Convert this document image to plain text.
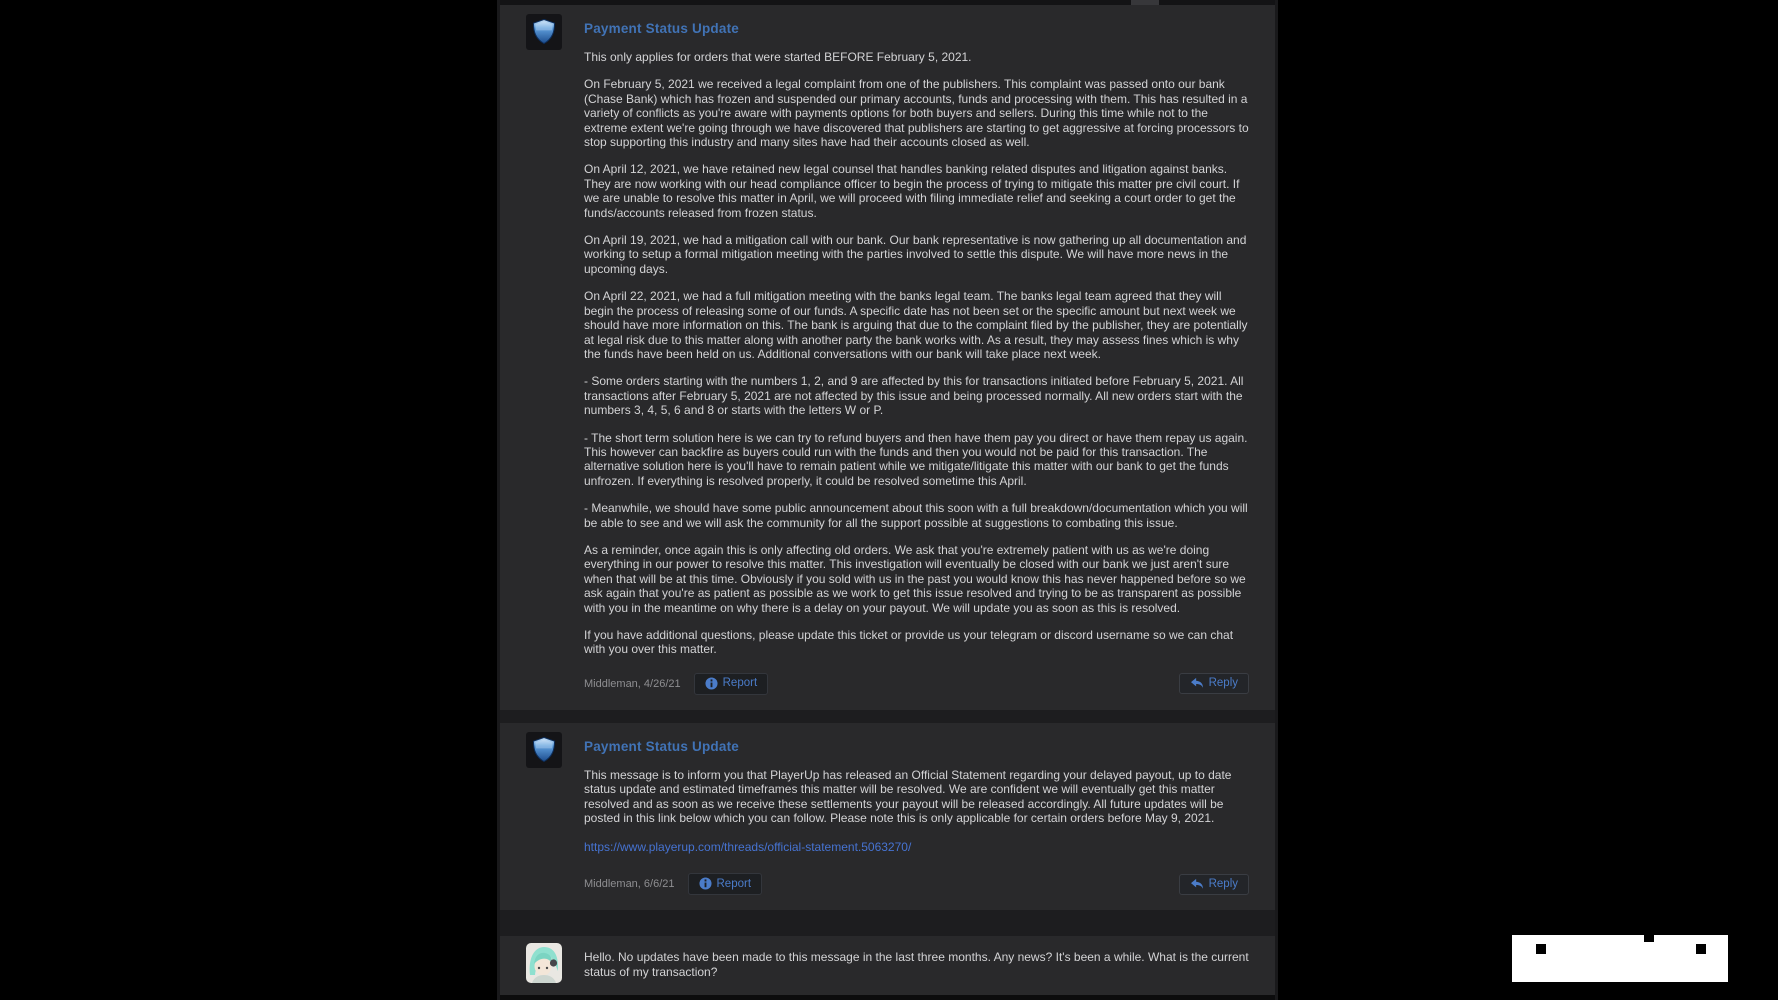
Payment Status Update

This only applies for orders that were started BEFORE February 5, 2021.

On February 5, 2021 we received a legal complaint from one of the publishers. This complaint was passed onto our bank (Chase Bank) which has frozen and suspended our primary accounts, funds and processing with them. This has resulted in a variety of conflicts as you're aware with payments options for both buyers and sellers. During this time while not to the extreme extent we're going through we have discovered that publishers are starting to get aggressive at forcing processors to stop supporting this industry and many sites have had their accounts closed as well.

On April 12, 2021, we have retained new legal counsel that handles banking related disputes and litigation against banks. They are now working with our head compliance officer to begin the process of trying to mitigate this matter pre civil court. If we are unable to resolve this matter in April, we will proceed with filing immediate relief and seeking a court order to get the funds/accounts released from frozen status.

On April 19, 2021, we had a mitigation call with our bank. Our bank representative is now gathering up all documentation and working to setup a formal mitigation meeting with the parties involved to settle this dispute. We will have more news in the upcoming days.

On April 22, 2021, we had a full mitigation meeting with the banks legal team. The banks legal team agreed that they will begin the process of releasing some of our funds. A specific date has not been set or the specific amount but next week we should have more information on this. The bank is arguing that due to the complaint filed by the publisher, they are potentially at legal risk due to this matter along with another party the bank works with. As a result, they may assess fines which is why the funds have been held on us. Additional conversations with our bank will take place next week.

- Some orders starting with the numbers 1, 2, and 9 are affected by this for transactions initiated before February 5, 2021. All transactions after February 5, 2021 are not affected by this issue and being processed normally. All new orders start with the numbers 3, 4, 5, 6 and 8 or starts with the letters W or P.

- The short term solution here is we can try to refund buyers and then have them pay you direct or have them repay us again. This however can backfire as buyers could run with the funds and then you would not be paid for this transaction. The alternative solution here is you'll have to remain patient while we mitigate/litigate this matter with our bank to get the funds unfrozen. If everything is resolved properly, it could be resolved sometime this April.

- Meanwhile, we should have some public announcement about this soon with a full breakdown/documentation which you will be able to see and we will ask the community for all the support possible at suggestions to combating this issue.

As a reminder, once again this is only affecting old orders. We ask that you're extremely patient with us as we're doing everything in our power to resolve this matter. This investigation will eventually be closed with our bank we just aren't sure when that will be at this time. Obviously if you sold with us in the past you would know this has never happened before so we ask again that you're as patient as possible as we work to get this issue resolved and trying to be as transparent as possible with you in the meantime on why there is a delay on your payout. We will update you as soon as this is resolved.

If you have additional questions, please update this ticket or provide us your telegram or discord username so we can chat with you over this matter.

Middleman, 4/26/21	Report	Reply
Payment Status Update

This message is to inform you that PlayerUp has released an Official Statement regarding your delayed payout, up to date status update and estimated timeframes this matter will be resolved. We are confident we will eventually get this matter resolved and as soon as we receive these settlements your payout will be released accordingly. All future updates will be posted in this link below which you can follow. Please note this is only applicable for certain orders before May 9, 2021.

https://www.playerup.com/threads/official-statement.5063270/
Middleman, 6/6/21	Report	Reply

Hello. No updates have been made to this message in the last three months. Any news? It's been a while. What is the current status of my transaction?
